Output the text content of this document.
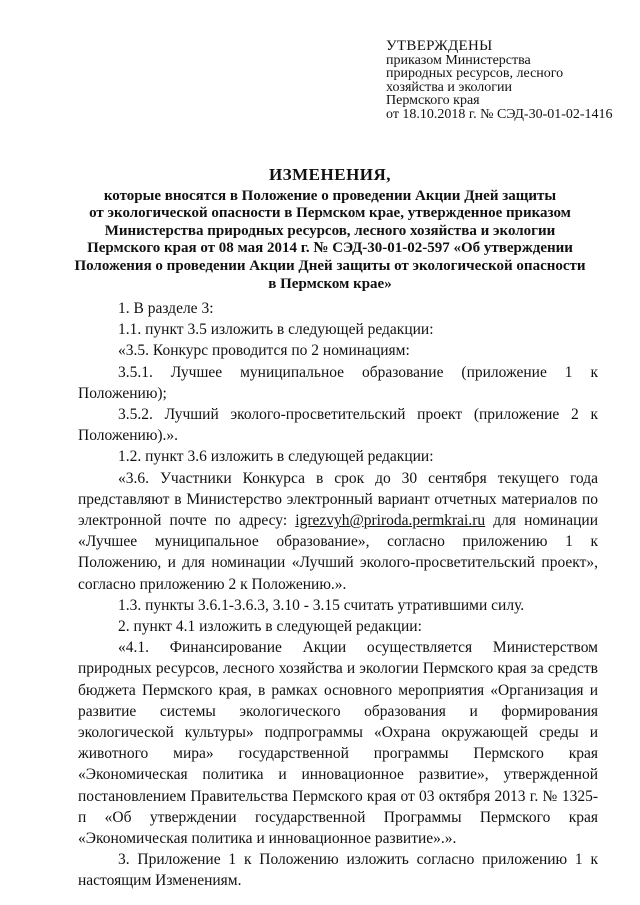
УТВЕРЖДЕНЫ
приказом Министерства
природных ресурсов, лесного
хозяйства и экологии
Пермского края
от 18.10.2018 г. № СЭД-30-01-02-1416
ИЗМЕНЕНИЯ,
которые вносятся в Положение о проведении Акции Дней защиты
от экологической опасности в Пермском крае, утвержденное приказом
Министерства природных ресурсов, лесного хозяйства и экологии
Пермского края от 08 мая 2014 г. № СЭД-30-01-02-597 «Об утверждении
Положения о проведении Акции Дней защиты от экологической опасности
в Пермском крае»

1. В разделе 3:

1.1. пункт 3.5 изложить в следующей редакции:

«3.5. Конкурс проводится по 2 номинациям:

3.5.1. Лучшее муниципальное образование (приложение 1 к Положению);

3.5.2. Лучший эколого-просветительский проект (приложение 2 к Положению).».

1.2. пункт 3.6 изложить в следующей редакции:

«3.6. Участники Конкурса в срок до 30 сентября текущего года представляют в Министерство электронный вариант отчетных материалов по электронной почте по адресу: igrezvyh@priroda.permkrai.ru для номинации «Лучшее муниципальное образование», согласно приложению 1 к Положению, и для номинации «Лучший эколого-просветительский проект», согласно приложению 2 к Положению.».

1.3. пункты 3.6.1-3.6.3, 3.10 - 3.15 считать утратившими силу.

2. пункт 4.1 изложить в следующей редакции:

«4.1. Финансирование Акции осуществляется Министерством природных ресурсов, лесного хозяйства и экологии Пермского края за средств бюджета Пермского края, в рамках основного мероприятия «Организация и развитие системы экологического образования и формирования экологической культуры» подпрограммы «Охрана окружающей среды и животного мира» государственной программы Пермского края «Экономическая политика и инновационное развитие», утвержденной постановлением Правительства Пермского края от 03 октября 2013 г. № 1325-п «Об утверждении государственной Программы Пермского края «Экономическая политика и инновационное развитие».».

3. Приложение 1 к Положению изложить согласно приложению 1 к настоящим Изменениям.
